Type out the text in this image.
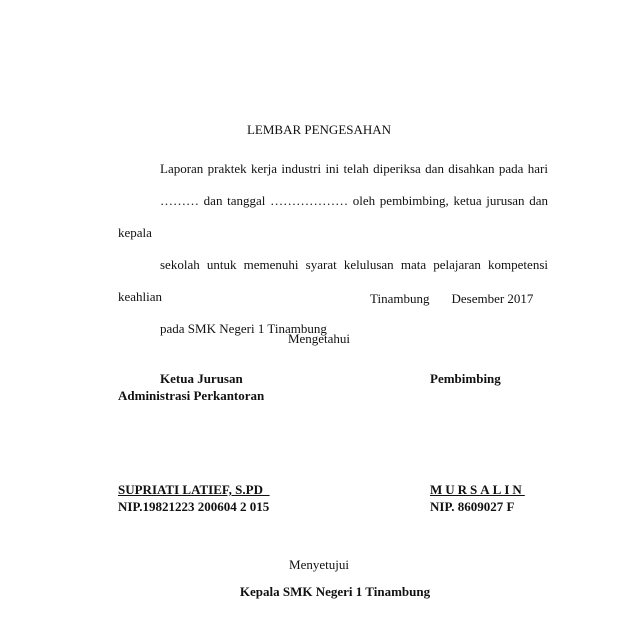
LEMBAR PENGESAHAN
Laporan praktek kerja industri ini telah diperiksa dan disahkan pada hari
……… dan tanggal ……………… oleh pembimbing, ketua jurusan dan kepala
sekolah untuk memenuhi syarat kelulusan mata pelajaran kompetensi keahlian
pada SMK Negeri 1 Tinambung
Tinambung Desember 2017
Mengetahui
Ketua Jurusan
Administrasi Perkantoran
Pembimbing
SUPRIATI LATIEF, S.PD_
NIP.19821223 200604 2 015
MURSALIN
NIP. 8609027 F
Menyetujui
Kepala SMK Negeri 1 Tinambung
